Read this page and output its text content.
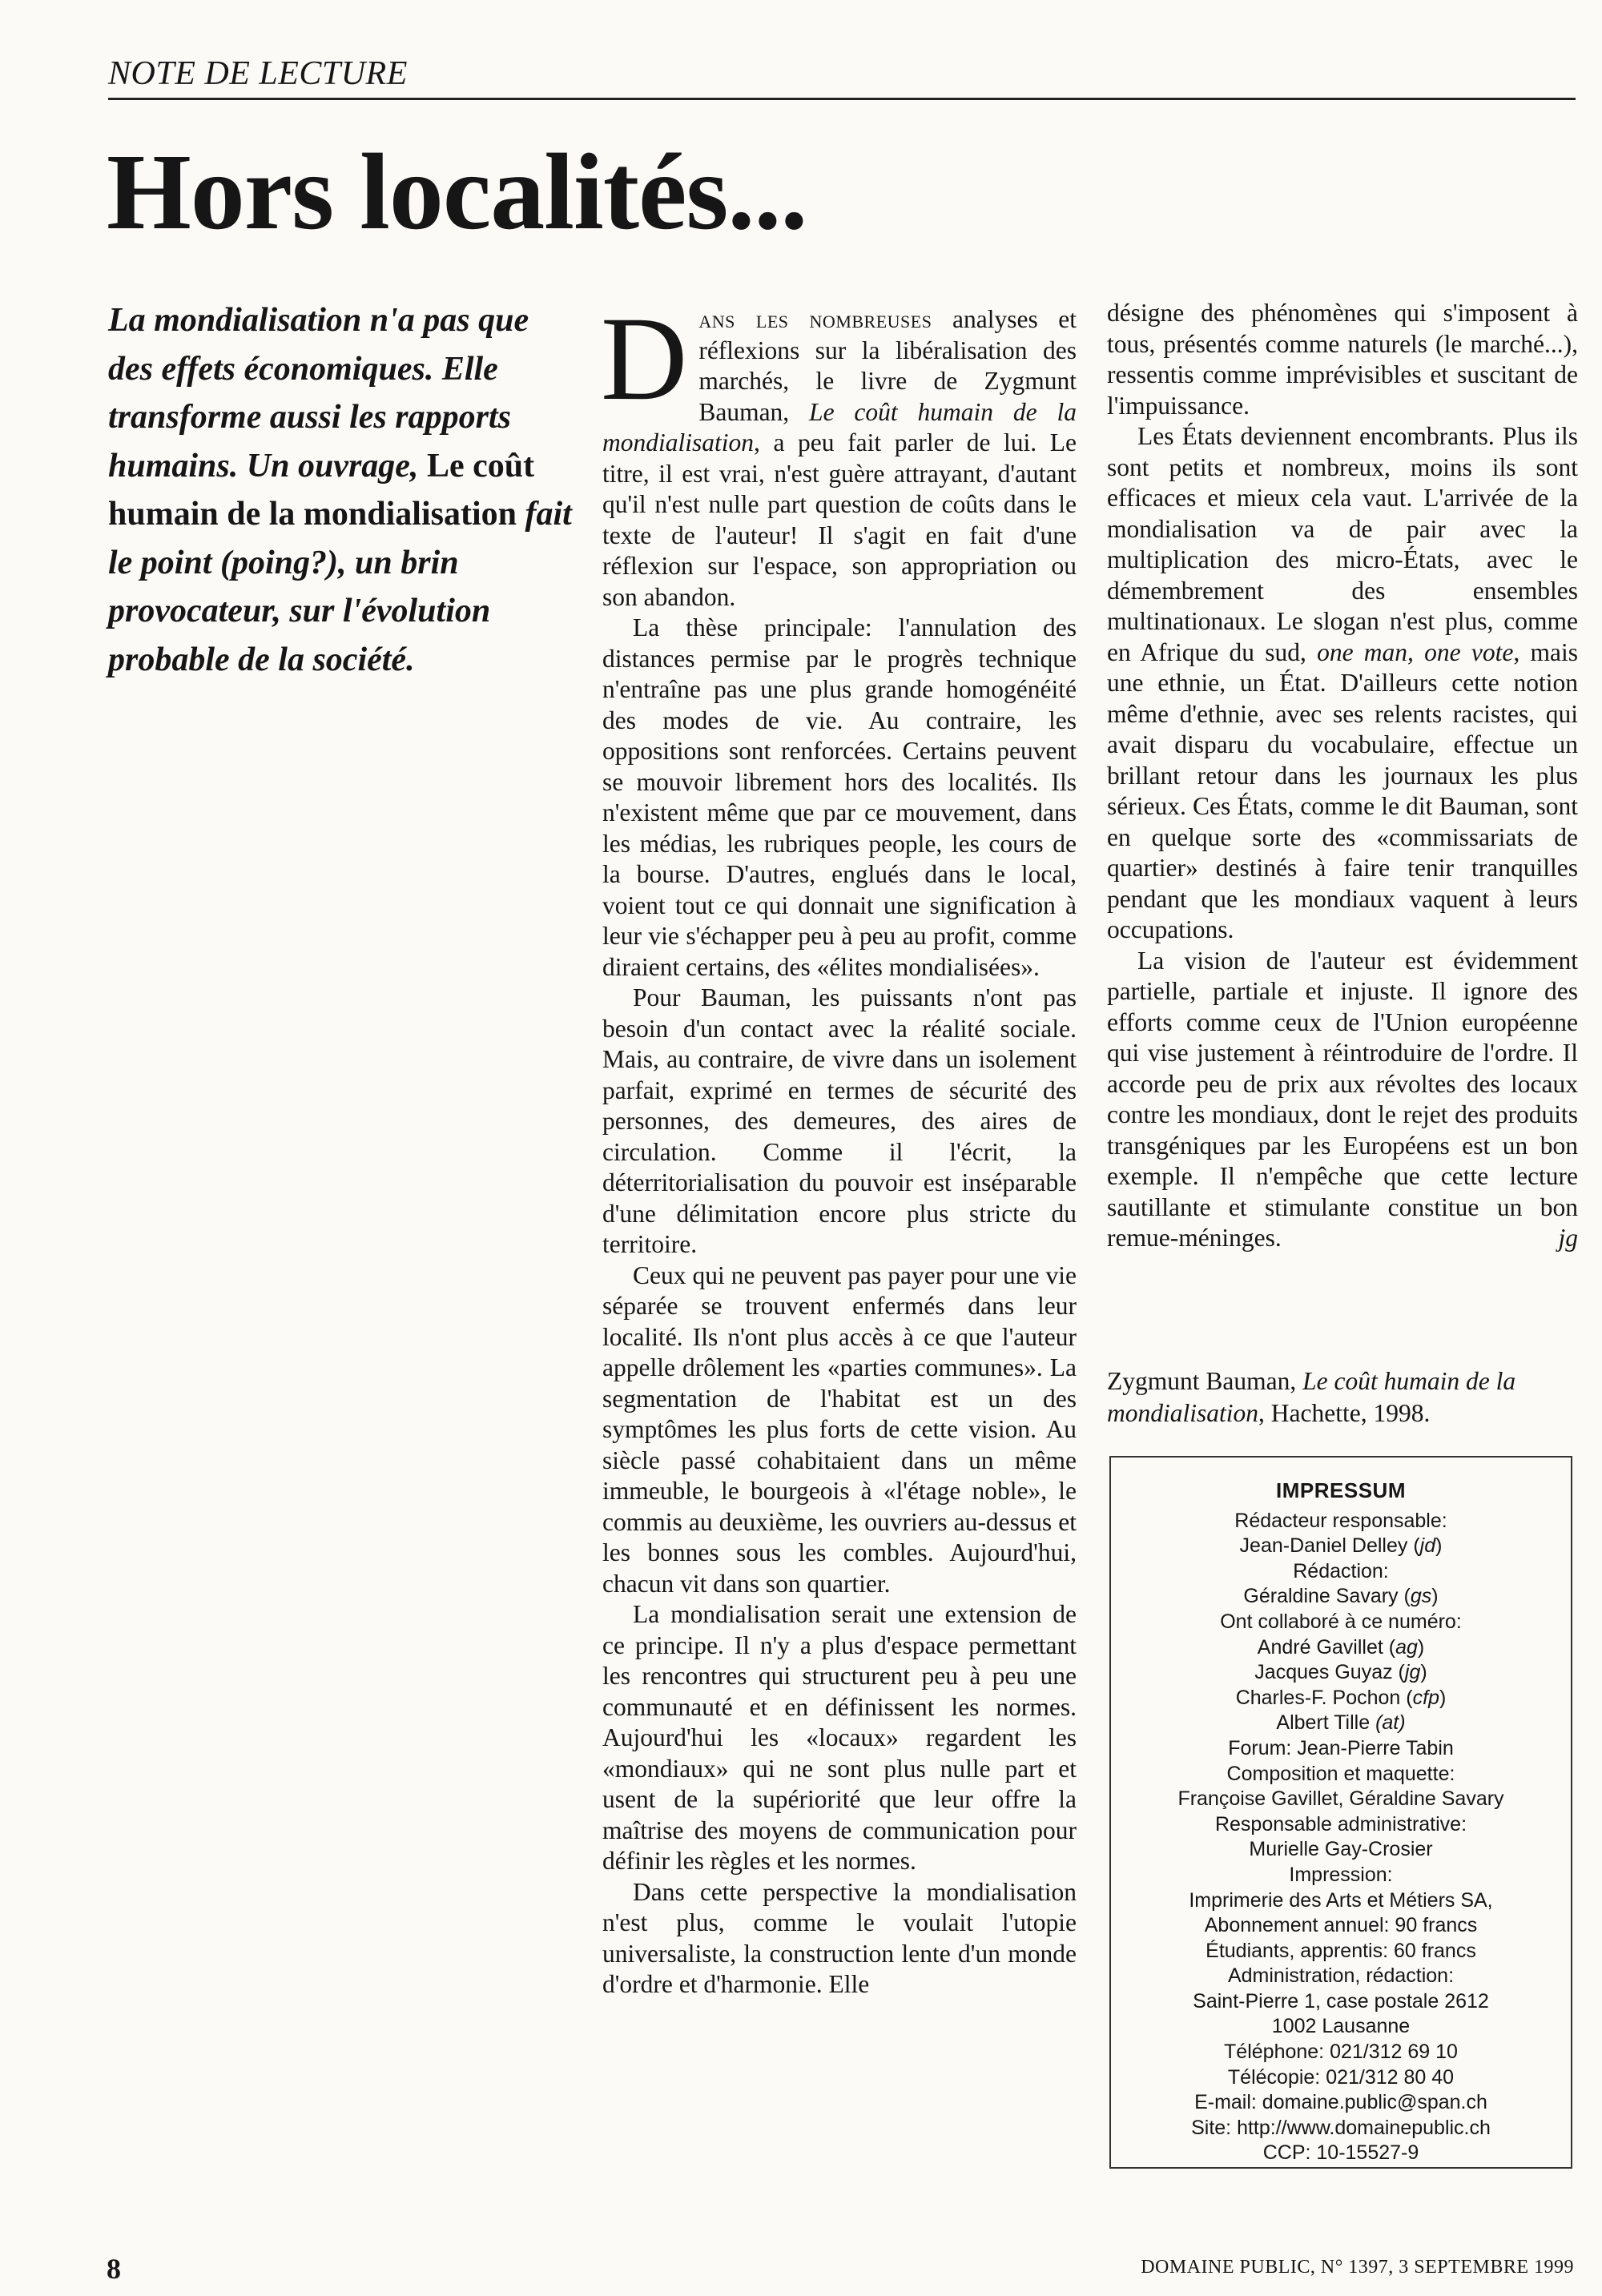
NOTE DE LECTURE
Hors localités...
La mondialisation n'a pas que des effets économiques. Elle transforme aussi les rapports humains. Un ouvrage, Le coût humain de la mondialisation fait le point (poing?), un brin provocateur, sur l'évolution probable de la société.

Dans les nombreuses analyses et réflexions sur la libéralisation des marchés, le livre de Zygmunt Bauman, Le coût humain de la mondialisation, a peu fait parler de lui. Le titre, il est vrai, n'est guère attrayant, d'autant qu'il n'est nulle part question de coûts dans le texte de l'auteur! Il s'agit en fait d'une réflexion sur l'espace, son appropriation ou son abandon.

La thèse principale: l'annulation des distances permise par le progrès technique n'entraîne pas une plus grande homogénéité des modes de vie. Au contraire, les oppositions sont renforcées. Certains peuvent se mouvoir librement hors des localités. Ils n'existent même que par ce mouvement, dans les médias, les rubriques people, les cours de la bourse. D'autres, englués dans le local, voient tout ce qui donnait une signification à leur vie s'échapper peu à peu au profit, comme diraient certains, des «élites mondialisées».

Pour Bauman, les puissants n'ont pas besoin d'un contact avec la réalité sociale. Mais, au contraire, de vivre dans un isolement parfait, exprimé en termes de sécurité des personnes, des demeures, des aires de circulation. Comme il l'écrit, la déterritorialisation du pouvoir est inséparable d'une délimitation encore plus stricte du territoire.

Ceux qui ne peuvent pas payer pour une vie séparée se trouvent enfermés dans leur localité. Ils n'ont plus accès à ce que l'auteur appelle drôlement les «parties communes». La segmentation de l'habitat est un des symptômes les plus forts de cette vision. Au siècle passé cohabitaient dans un même immeuble, le bourgeois à «l'étage noble», le commis au deuxième, les ouvriers au-dessus et les bonnes sous les combles. Aujourd'hui, chacun vit dans son quartier.

La mondialisation serait une extension de ce principe. Il n'y a plus d'espace permettant les rencontres qui structurent peu à peu une communauté et en définissent les normes. Aujourd'hui les «locaux» regardent les «mondiaux» qui ne sont plus nulle part et usent de la supériorité que leur offre la maîtrise des moyens de communication pour définir les règles et les normes.

Dans cette perspective la mondialisation n'est plus, comme le voulait l'utopie universaliste, la construction lente d'un monde d'ordre et d'harmonie. Elle

désigne des phénomènes qui s'imposent à tous, présentés comme naturels (le marché...), ressentis comme imprévisibles et suscitant de l'impuissance.

Les États deviennent encombrants. Plus ils sont petits et nombreux, moins ils sont efficaces et mieux cela vaut. L'arrivée de la mondialisation va de pair avec la multiplication des micro-États, avec le démembrement des ensembles multinationaux. Le slogan n'est plus, comme en Afrique du sud, one man, one vote, mais une ethnie, un État. D'ailleurs cette notion même d'ethnie, avec ses relents racistes, qui avait disparu du vocabulaire, effectue un brillant retour dans les journaux les plus sérieux. Ces États, comme le dit Bauman, sont en quelque sorte des «commissariats de quartier» destinés à faire tenir tranquilles pendant que les mondiaux vaquent à leurs occupations.

La vision de l'auteur est évidemment partielle, partiale et injuste. Il ignore des efforts comme ceux de l'Union européenne qui vise justement à réintroduire de l'ordre. Il accorde peu de prix aux révoltes des locaux contre les mondiaux, dont le rejet des produits transgéniques par les Européens est un bon exemple. Il n'empêche que cette lecture sautillante et stimulante constitue un bon remue-méninges.	jg

Zygmunt Bauman, Le coût humain de la mondialisation, Hachette, 1998.
IMPRESSUM
Rédacteur responsable:
Jean-Daniel Delley (jd)
Rédaction:
Géraldine Savary (gs)
Ont collaboré à ce numéro:
André Gavillet (ag)
Jacques Guyaz (jg)
Charles-F. Pochon (cfp)
Albert Tille (at)
Forum: Jean-Pierre Tabin
Composition et maquette:
Françoise Gavillet, Géraldine Savary
Responsable administrative:
Murielle Gay-Crosier
Impression:
Imprimerie des Arts et Métiers SA,
Abonnement annuel: 90 francs
Étudiants, apprentis: 60 francs
Administration, rédaction:
Saint-Pierre 1, case postale 2612
1002 Lausanne
Téléphone: 021/312 69 10
Télécopie: 021/312 80 40
E-mail: domaine.public@span.ch
Site: http://www.domainepublic.ch
CCP: 10-15527-9
8	DOMAINE PUBLIC, N° 1397, 3 SEPTEMBRE 1999
